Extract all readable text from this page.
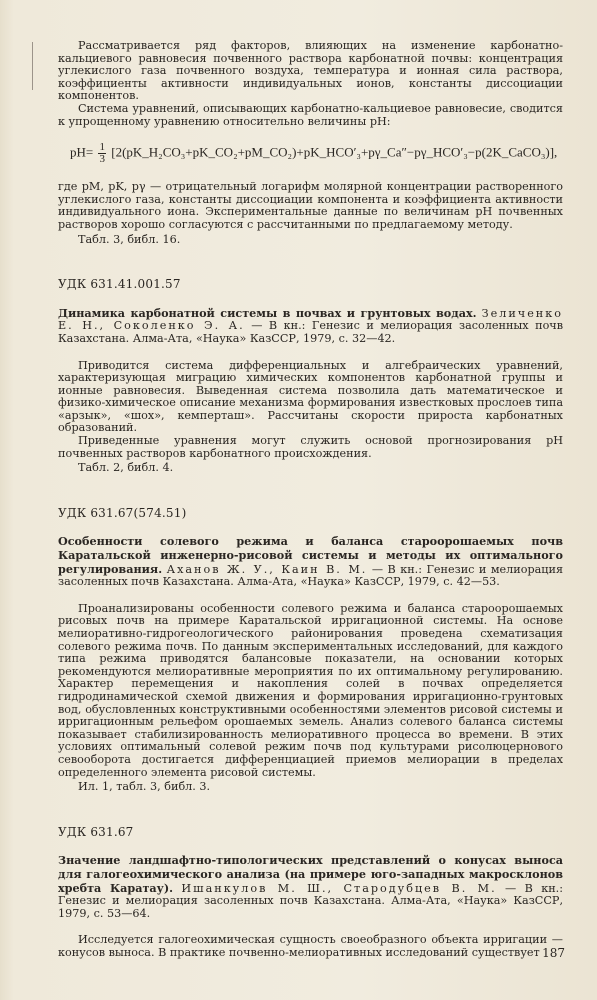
Рассматривается ряд факторов, влияющих на изменение карбонатно-кальциевого равновесия почвенного раствора карбонатной почвы: концентрация углекислого газа почвенного воздуха, температура и ионная сила раствора, коэффициенты активности индивидуальных ионов, константы диссоциации компонентов.

Система уравнений, описывающих карбонатно-кальциевое равновесие, сводится к упрощенному уравнению относительно величины pH:

$pH= \frac{1}{3}$ [2(pK_H₂CO₃+pK_CO₂+pM_CO₂)+pK_HCO′₃+pγ_Ca″−pγ_HCO′₃−p(2K_CaCO₃)],

где pM, pK, pγ — отрицательный логарифм молярной концентрации растворенного углекислого газа, константы диссоциации компонента и коэффициента активности индивидуального иона. Экспериментальные данные по величинам pH почвенных растворов хорошо согласуются с рассчитанными по предлагаемому методу.

Табл. 3, библ. 16.

УДК 631.41.001.57

Динамика карбонатной системы в почвах и грунтовых водах. Зеличенко Е. Н., Соколенко Э. А. — В кн.: Генезис и мелиорация засоленных почв Казахстана. Алма-Ата, «Наука» КазССР, 1979, с. 32—42.

Приводится система дифференциальных и алгебраических уравнений, характеризующая миграцию химических компонентов карбонатной группы и ионные равновесия. Выведенная система позволила дать математическое и физико-химическое описание механизма формирования известковых прослоев типа «арзык», «шох», кемперташ». Рассчитаны скорости прироста карбонатных образований.

Приведенные уравнения могут служить основой прогнозирования pH почвенных растворов карбонатного происхождения.

Табл. 2, библ. 4.

УДК 631.67(574.51)

Особенности солевого режима и баланса староорошаемых почв Каратальской инженерно-рисовой системы и методы их оптимального регулирования. Аханов Ж. У., Каин В. М. — В кн.: Генезис и мелиорация засоленных почв Казахстана. Алма-Ата, «Наука» КазССР, 1979, с. 42—53.

Проанализированы особенности солевого режима и баланса староорошаемых рисовых почв на примере Каратальской ирригационной системы. На основе мелиоративно-гидрогеологического районирования проведена схематизация солевого режима почв. По данным экспериментальных исследований, для каждого типа режима приводятся балансовые показатели, на основании которых рекомендуются мелиоративные мероприятия по их оптимальному регулированию. Характер перемещения и накопления солей в почвах определяется гидродинамической схемой движения и формирования ирригационно-грунтовых вод, обусловленных конструктивными особенностями элементов рисовой системы и ирригационным рельефом орошаемых земель. Анализ солевого баланса системы показывает стабилизированность мелиоративного процесса во времени. В этих условиях оптимальный солевой режим почв под культурами рисолюцернового севооборота достигается дифференциацией приемов мелиорации в пределах определенного элемента рисовой системы.

Ил. 1, табл. 3, библ. 3.

УДК 631.67

Значение ландшафтно-типологических представлений о конусах выноса для галогеохимического анализа (на примере юго-западных макросклонов хребта Каратау). Ишанкулов М. Ш., Стародубцев В. М. — В кн.: Генезис и мелиорация засоленных почв Казахстана. Алма-Ата, «Наука» КазССР, 1979, с. 53—64.

Исследуется галогеохимическая сущность своеобразного объекта ирригации — конусов выноса. В практике почвенно-мелиоративных исследований существует 187
